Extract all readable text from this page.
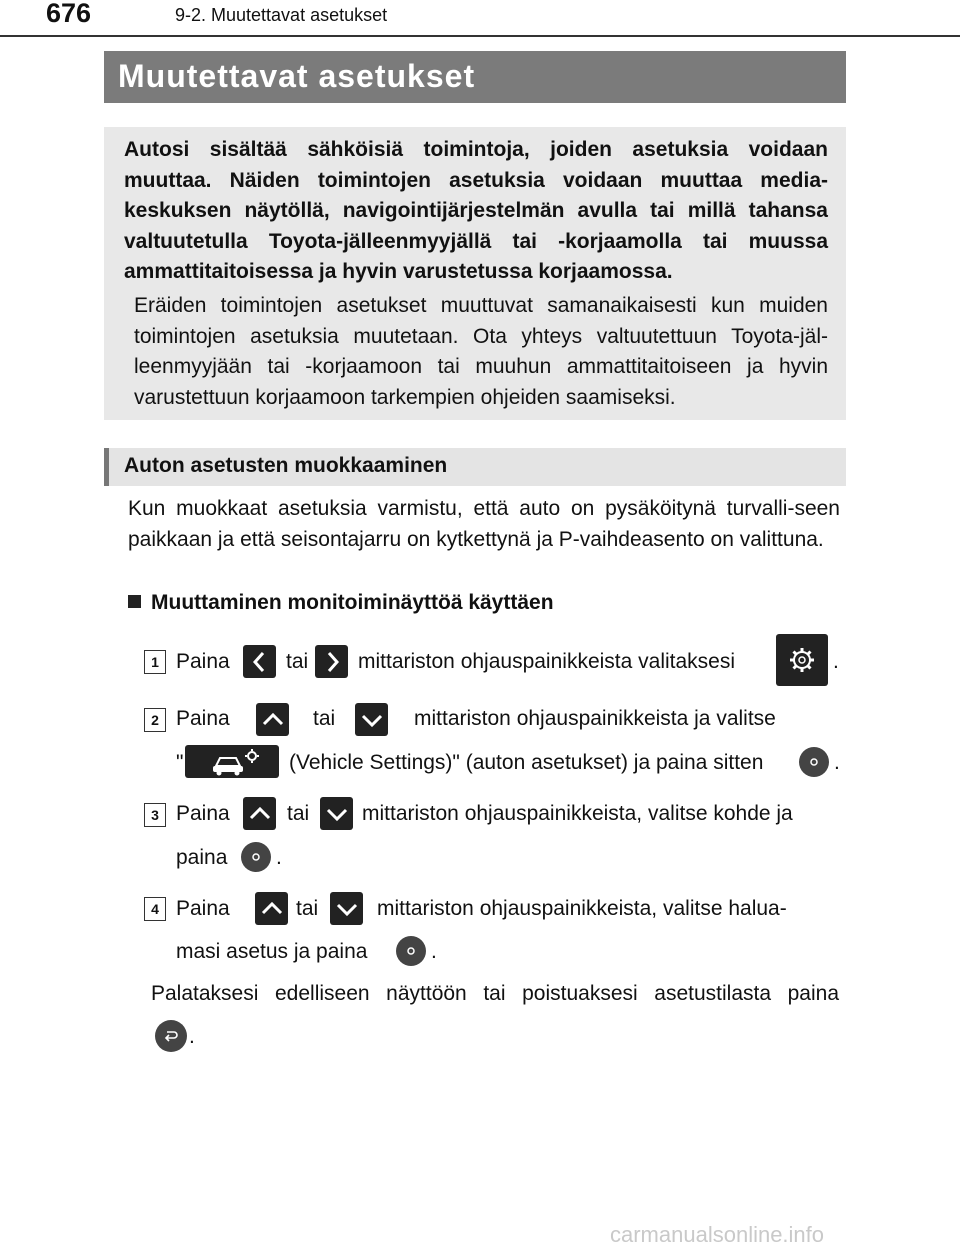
676	9-2. Muutettavat asetukset
Muutettavat asetukset
Autosi sisältää sähköisiä toimintoja, joiden asetuksia voidaan muuttaa. Näiden toimintojen asetuksia voidaan muuttaa media-keskuksen näytöllä, navigointijärjestelmän avulla tai millä tahansa valtuutetulla Toyota-jälleenmyyjällä tai -korjaamolla tai muussa ammattitaitoisessa ja hyvin varustetussa korjaamossa.
Eräiden toimintojen asetukset muuttuvat samanaikaisesti kun muiden toimintojen asetuksia muutetaan. Ota yhteys valtuutettuun Toyota-jäl-leenmyyjään tai -korjaamoon tai muuhun ammattitaitoiseen ja hyvin varustettuun korjaamoon tarkempien ohjeiden saamiseksi.
Auton asetusten muokkaaminen
Kun muokkaat asetuksia varmistu, että auto on pysäköitynä turvalli-seen paikkaan ja että seisontajarru on kytkettynä ja P-vaihdeasento on valittuna.
Muuttaminen monitoiminäyttöä käyttäen
1 Paina	tai mittariston ohjauspainikkeista valitaksesi	.
2 Paina	tai	mittariston ohjauspainikkeista ja valitse
"	(Vehicle Settings)" (auton asetukset) ja paina sitten	.
3 Paina	tai	mittariston ohjauspainikkeista, valitse kohde ja
paina .
4 Paina	tai	mittariston ohjauspainikkeista, valitse halua-
masi asetus ja paina	.
Palataksesi edelliseen näyttöön tai poistuaksesi asetustilasta paina
.
carmanualsonline.info
